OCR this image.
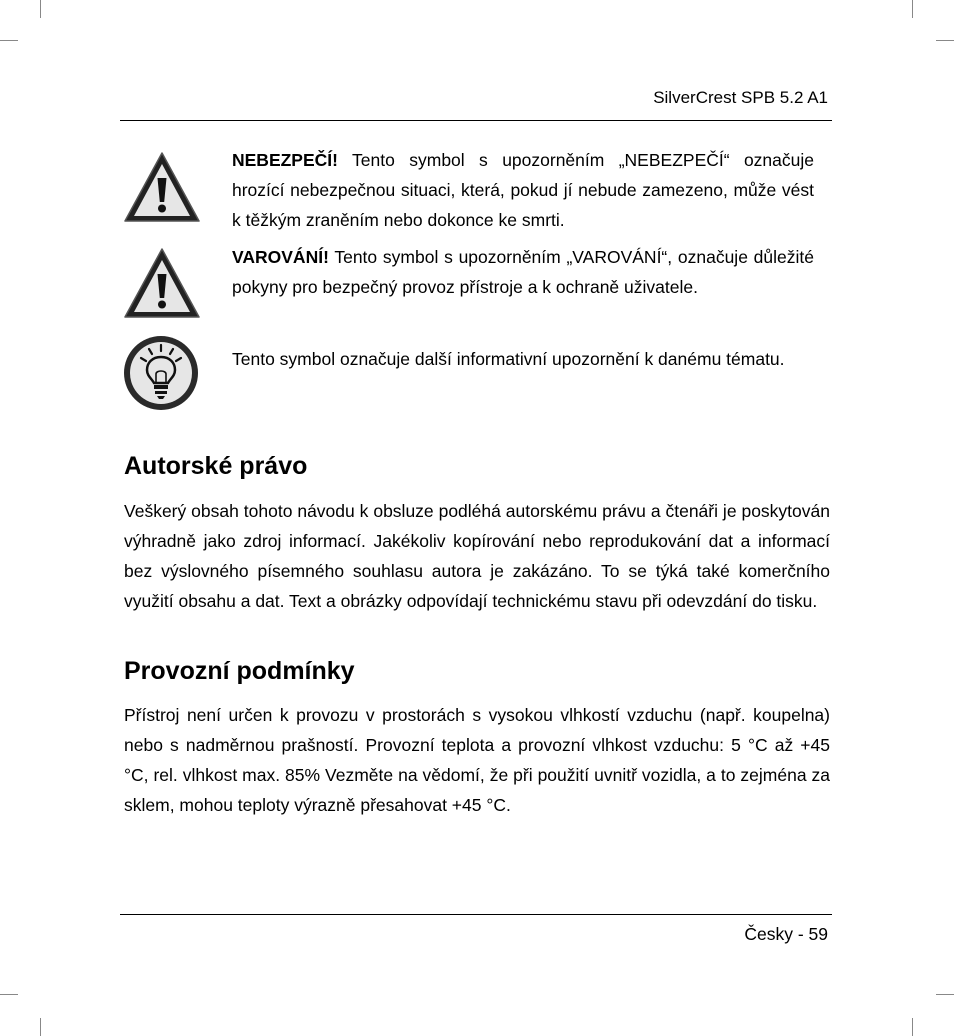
SilverCrest SPB 5.2 A1
NEBEZPEČÍ! Tento symbol s upozorněním „NEBEZPEČÍ“ označuje hrozící nebezpečnou situaci, která, pokud jí nebude zamezeno, může vést k těžkým zraněním nebo dokonce ke smrti.
VAROVÁNÍ! Tento symbol s upozorněním „VAROVÁNÍ“, označuje důležité pokyny pro bezpečný provoz přístroje a k ochraně uživatele.
Tento symbol označuje další informativní upozornění k danému tématu.
Autorské právo

Veškerý obsah tohoto návodu k obsluze podléhá autorskému právu a čtenáři je poskytován výhradně jako zdroj informací. Jakékoliv kopírování nebo reprodukování dat a informací bez výslovného písemného souhlasu autora je zakázáno. To se týká také komerčního využití obsahu a dat. Text a obrázky odpovídají technickému stavu při odevzdání do tisku.

Provozní podmínky

Přístroj není určen k provozu v prostorách s vysokou vlhkostí vzduchu (např. koupelna) nebo s nadměrnou prašností. Provozní teplota a provozní vlhkost vzduchu: 5 °C až +45 °C, rel. vlhkost max. 85% Vezměte na vědomí, že při použití uvnitř vozidla, a to zejména za sklem, mohou teploty výrazně přesahovat +45 °C.

Česky - 59
